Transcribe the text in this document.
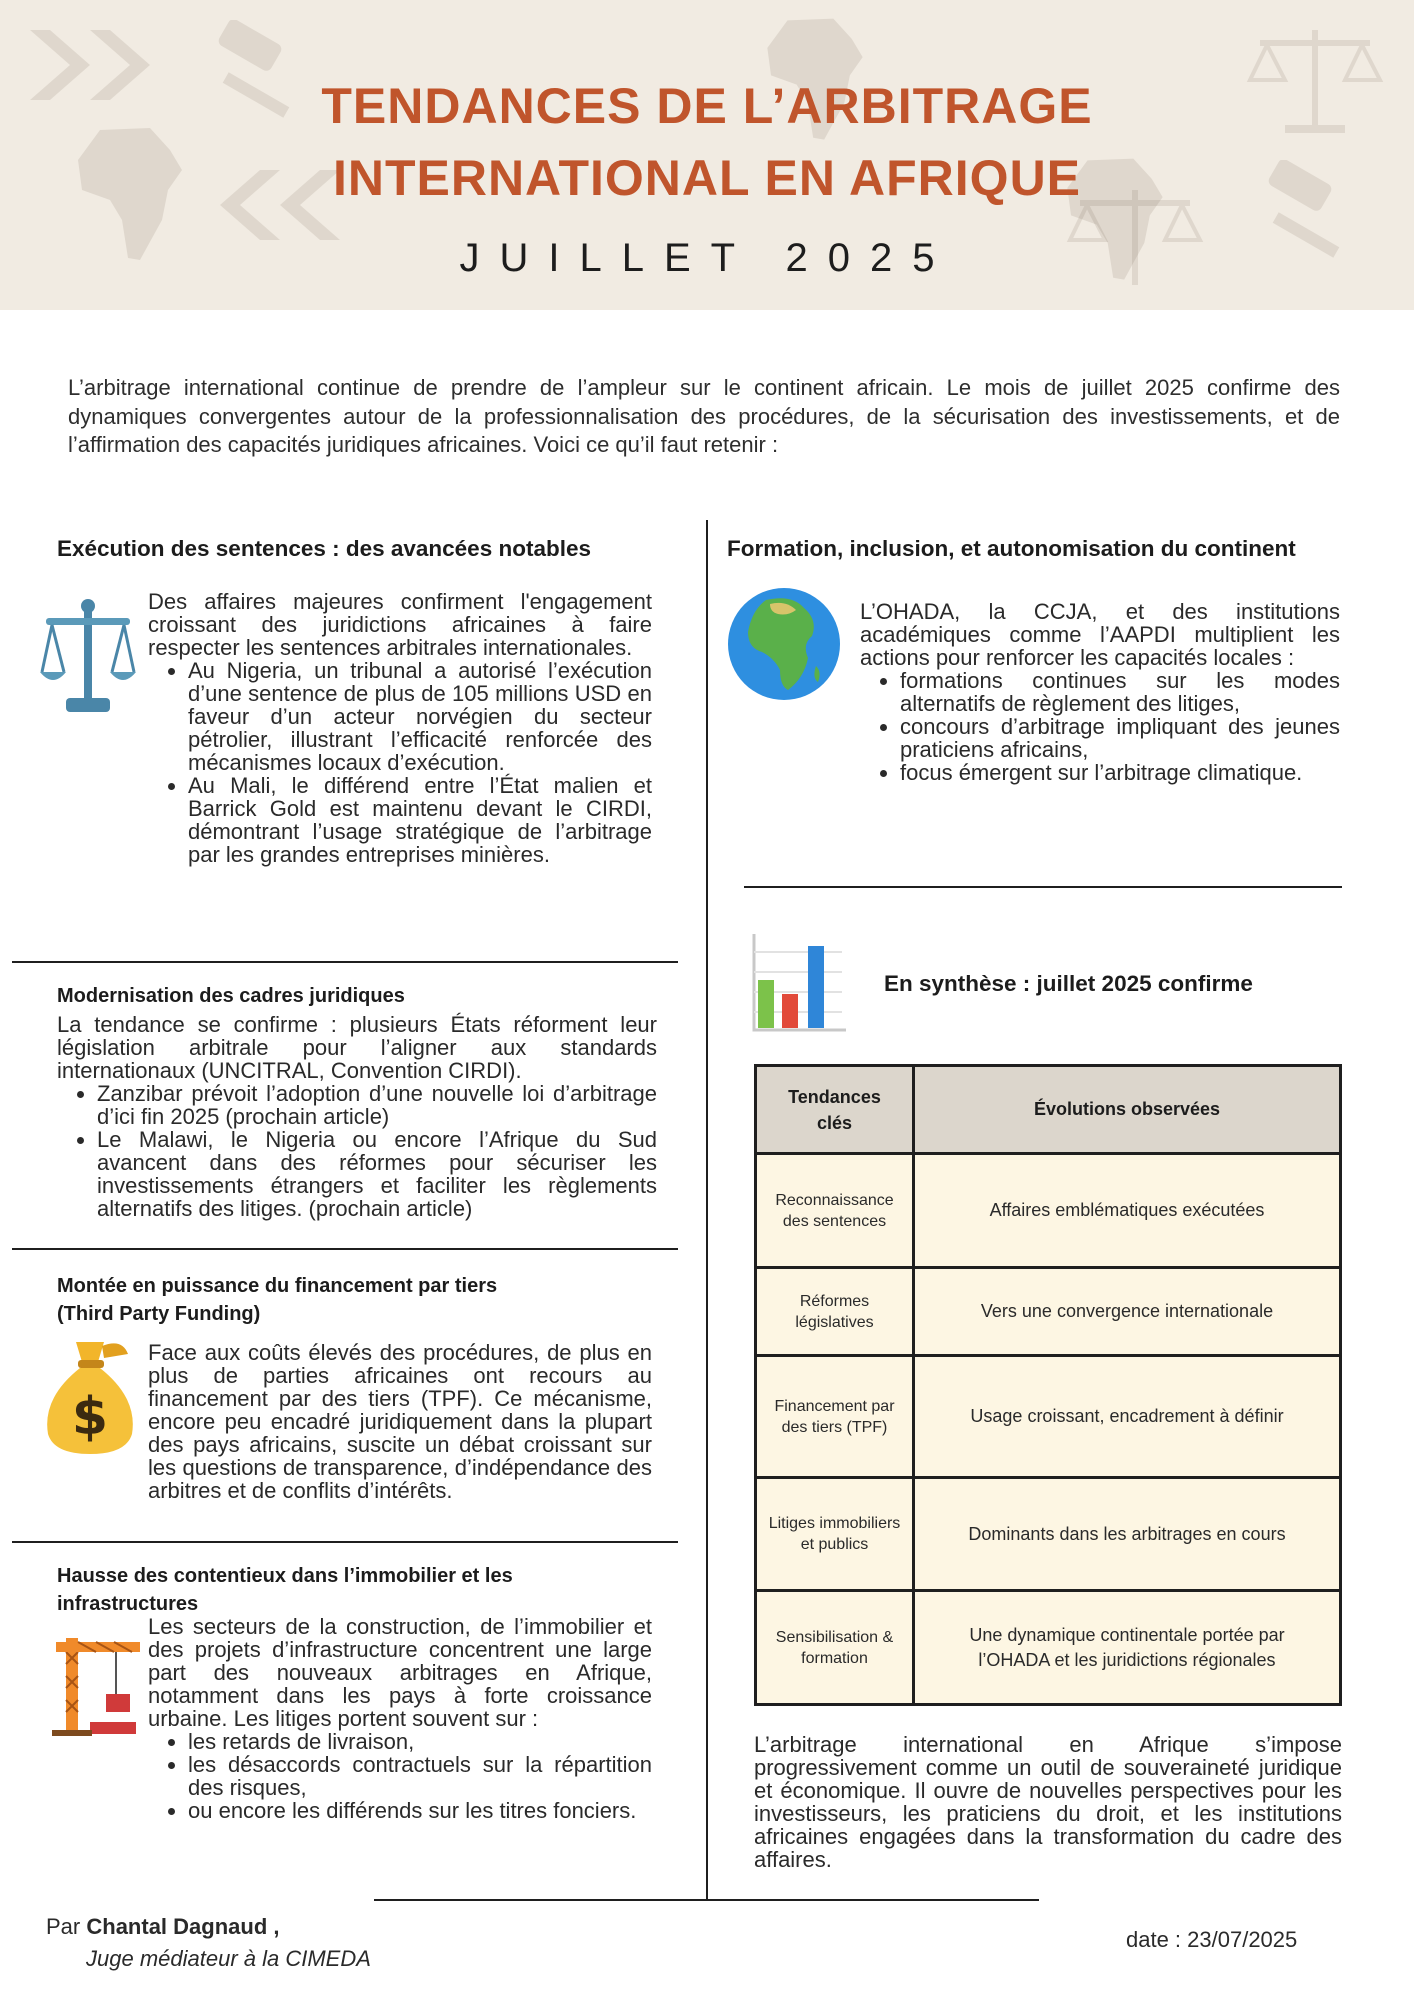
TENDANCES DE L’ARBITRAGE
INTERNATIONAL EN AFRIQUE
JUILLET 2025
L’arbitrage international continue de prendre de l’ampleur sur le continent africain. Le mois de juillet 2025 confirme des dynamiques convergentes autour de la professionnalisation des procédures, de la sécurisation des investissements, et de l’affirmation des capacités juridiques africaines. Voici ce qu’il faut retenir :
Exécution des sentences : des avancées notables

Des affaires majeures confirment l'engagement croissant des juridictions africaines à faire respecter les sentences arbitrales internationales.

• Au Nigeria, un tribunal a autorisé l’exécution d’une sentence de plus de 105 millions USD en faveur d’un acteur norvégien du secteur pétrolier, illustrant l’efficacité renforcée des mécanismes locaux d’exécution.
• Au Mali, le différend entre l’État malien et Barrick Gold est maintenu devant le CIRDI, démontrant l’usage stratégique de l’arbitrage par les grandes entreprises minières.
Modernisation des cadres juridiques

La tendance se confirme : plusieurs États réforment leur législation arbitrale pour l’aligner aux standards internationaux (UNCITRAL, Convention CIRDI).

• Zanzibar prévoit l’adoption d’une nouvelle loi d’arbitrage d’ici fin 2025 (prochain article)
• Le Malawi, le Nigeria ou encore l’Afrique du Sud avancent dans des réformes pour sécuriser les investissements étrangers et faciliter les règlements alternatifs des litiges. (prochain article)
Montée en puissance du financement par tiers
(Third Party Funding)
$

Face aux coûts élevés des procédures, de plus en plus de parties africaines ont recours au financement par des tiers (TPF). Ce mécanisme, encore peu encadré juridiquement dans la plupart des pays africains, suscite un débat croissant sur les questions de transparence, d’indépendance des arbitres et de conflits d’intérêts.

Hausse des contentieux dans l’immobilier et les
infrastructures

Les secteurs de la construction, de l’immobilier et des projets d’infrastructure concentrent une large part des nouveaux arbitrages en Afrique, notamment dans les pays à forte croissance urbaine. Les litiges portent souvent sur :

• les retards de livraison,
• les désaccords contractuels sur la répartition des risques,
• ou encore les différends sur les titres fonciers.
Formation, inclusion, et autonomisation du continent

L’OHADA, la CCJA, et des institutions académiques comme l’AAPDI multiplient les actions pour renforcer les capacités locales :

• formations continues sur les modes alternatifs de règlement des litiges,
• concours d’arbitrage impliquant des jeunes praticiens africains,
• focus émergent sur l’arbitrage climatique.
En synthèse : juillet 2025 confirme
Tendances clés	Évolutions observées
Reconnaissance des sentences	Affaires emblématiques exécutées
Réformes législatives	Vers une convergence internationale
Financement par des tiers (TPF)	Usage croissant, encadrement à définir
Litiges immobiliers et publics	Dominants dans les arbitrages en cours
Sensibilisation & formation	Une dynamique continentale portée par l’OHADA et les juridictions régionales
L’arbitrage international en Afrique s’impose progressivement comme un outil de souveraineté juridique et économique. Il ouvre de nouvelles perspectives pour les investisseurs, les praticiens du droit, et les institutions africaines engagées dans la transformation du cadre des affaires.
Par Chantal Dagnaud ,
Juge médiateur à la CIMEDA
date : 23/07/2025
